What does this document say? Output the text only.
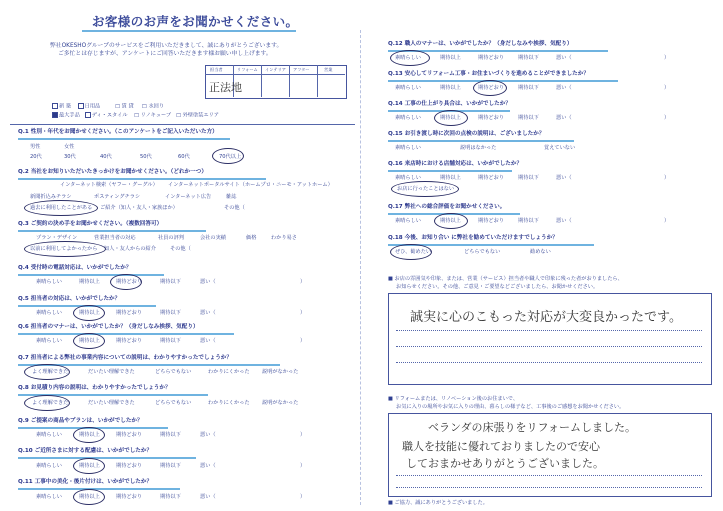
お客様のお声をお聞かせください。
弊社OKESHOグループのサービスをご利用いただきまして、誠にありがとうございます。
ご多忙とは存じますが、アンケートにご回答いただきます様お願い申し上げます。
担当者	リフォーム インテリア アフター	営業
正法地
新 築	日用品	□ 賃 貸 □ 水回り
最大手品 ディ・スタイル □ リノキューブ □ 外壁塗装エリア
Q.1 性別・年代をお聞かせください。（このアンケートをご記入いただいた方）
男性	女性
20代	30代	40代	50代	60代	70代以上
Q.2 当社をお知りいただいたきっかけをお聞かせください。（どれか一つ）
インターネット検索（ヤフー・グーグル） インターネットポータルサイト（ホームプロ・ニーモ・アットホーム）
新聞折込みチラシ	ポスティングチラシ	インターネット広告	雑誌
過去に利用したことがある ご紹介（知人・友人・家族ほか）	その他（
Q.3 ご契約の決め手をお聞かせください。（複数回答可）
プラン・デザイン	営業担当者の対応	社員の評判	会社の実績	価格	わかり易さ
以前に利用してよかったから 知人・友人からの紹介	その他（
Q.4 受付時の電話対応は、いかがでしたか？
素晴らしい	期待以上	期待どおり	期待以下	悪い（	）
Q.5 担当者の対応は、いかがでしたか？
素晴らしい	期待以上	期待どおり	期待以下	悪い（	）
Q.6 担当者のマナーは、いかがでしたか？（身だしなみ挨拶、気配り）
素晴らしい	期待以上	期待どおり	期待以下	悪い（	）
Q.7 担当者による弊社の事業内容についての説明は、わかりやすかったでしょうか？
よく理解できた	だいたい理解できた	どちらでもない	わかりにくかった 説明がなかった
Q.8 お見積り内容の説明は、わかりやすかったでしょうか？
よく理解できた	だいたい理解できた	どちらでもない	わかりにくかった 説明がなかった
Q.9 ご提案の商品やプランは、いかがでしたか？
素晴らしい	期待以上	期待どおり	期待以下	悪い（	）
Q.10 ご近所さまに対する配慮は、いかがでしたか？
素晴らしい	期待以上	期待どおり	期待以下	悪い（	）
Q.11 工事中の美化・後片付けは、いかがでしたか？
素晴らしい	期待以上	期待どおり	期待以下	悪い（	）
Q.12 職人のマナーは、いかがでしたか？（身だしなみや挨拶、気配り）
素晴らしい	期待以上	期待どおり	期待以下	悪い（	）
Q.13 安心してリフォーム工事・お住まいづくりを進めることができましたか？
素晴らしい	期待以上	期待どおり	期待以下	悪い（	）
Q.14 工事の仕上がり具合は、いかがでしたか？
素晴らしい	期待以上	期待どおり	期待以下	悪い（	）
Q.15 お引き渡し時に次回の点検の説明は、ございましたか？
素晴らしい	説明はなかった	覚えていない
Q.16 来店時における店舗対応は、いかがでしたか？
素晴らしい	期待以上	期待どおり	期待以下	悪い（	）
お店に行ったことはない
Q.17 弊社への総合評価をお聞かせください。
素晴らしい	期待以上	期待どおり	期待以下	悪い（	）
Q.18 今後、お知り合い に弊社を勧めていただけますでしょうか？
ぜひ、勧めたい	どちらでもない	勧めない
■ お店の雰囲気や印象、または、営業（サービス）担当者や職人で印象に残った者がおりましたら、
お知らせください。その他、ご意見・ご要望などございましたら、お聞かせください。
誠実に心のこもった対応が大変良かったです。
■ リフォームまたは、リノベーション後のお住まいで、
お気に入りの場所やお気に入りの理由、暮らしの様子など、工事後のご感想をお聞かせください。
ベランダの床張りをリフォームしました。
職人を技能に優れておりましたので安心
しておまかせありがとうございました。
■ ご協力、誠にありがとうございました。
